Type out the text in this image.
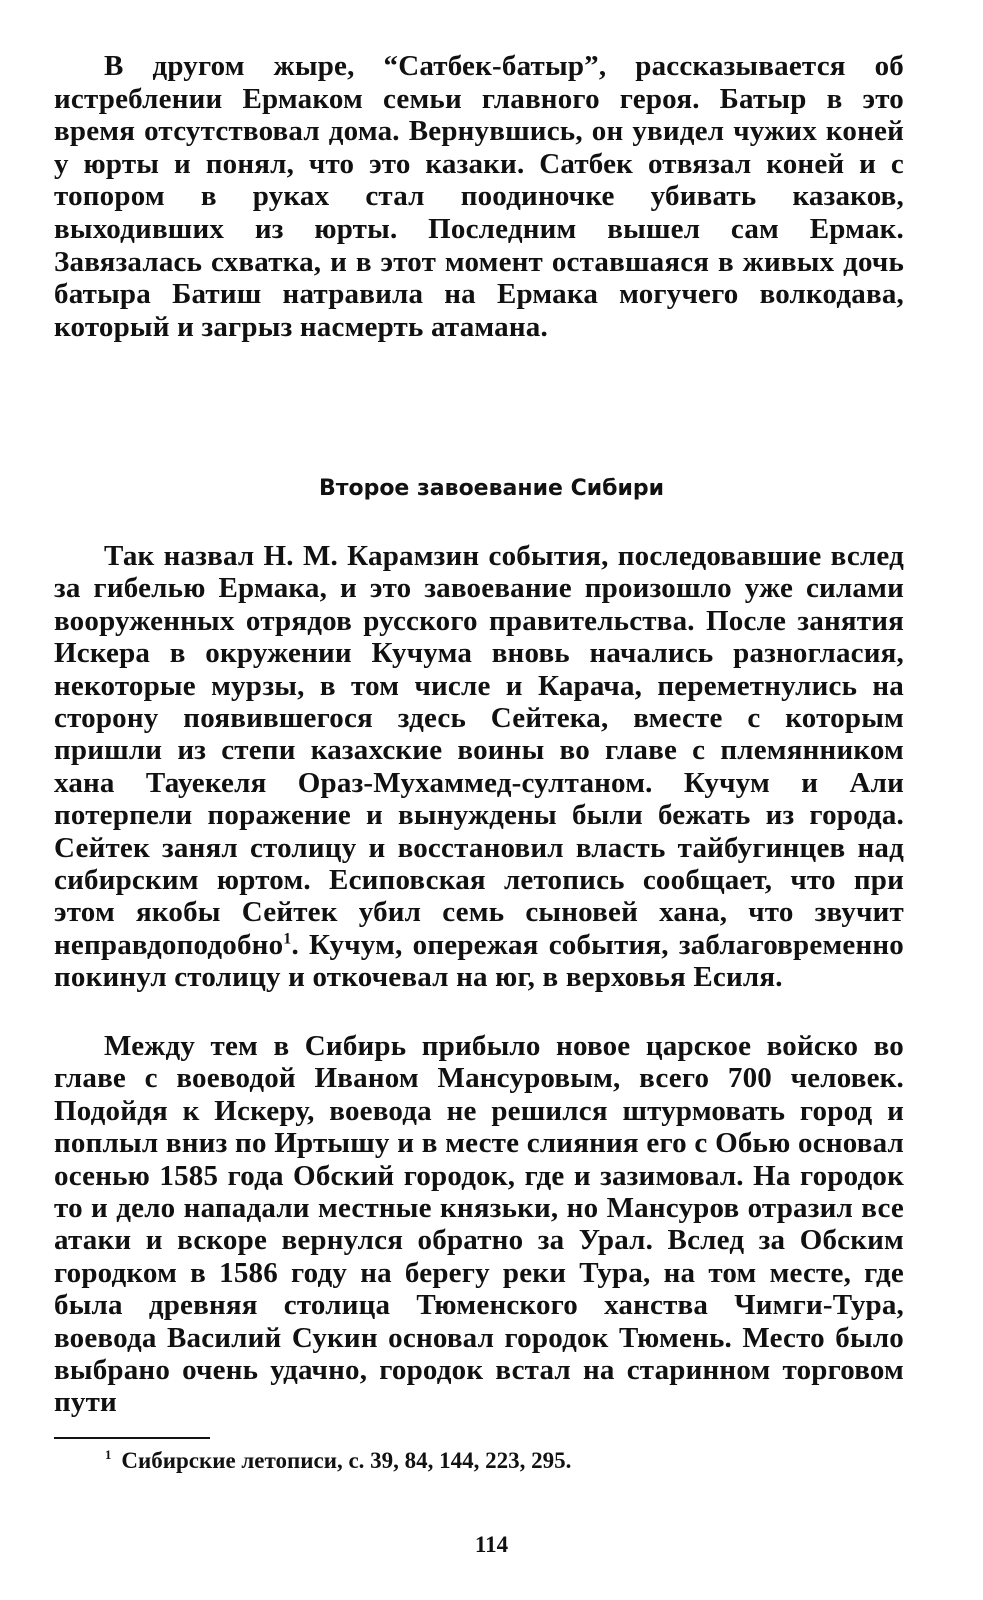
В другом жыре, “Сатбек-батыр”, рассказывается об истреблении Ермаком семьи главного героя. Батыр в это время отсутствовал дома. Вернувшись, он увидел чужих коней у юрты и понял, что это казаки. Сатбек отвязал коней и с топором в руках стал поодиночке убивать казаков, выходивших из юрты. Последним вышел сам Ермак. Завязалась схватка, и в этот момент оставшаяся в живых дочь батыра Батиш натравила на Ермака могучего волкодава, который и загрыз насмерть атамана.

Второе завоевание Сибири

Так назвал Н. М. Карамзин события, последовавшие вслед за гибелью Ермака, и это завоевание произошло уже силами вооруженных отрядов русского правительства. После занятия Искера в окружении Кучума вновь начались разногласия, некоторые мурзы, в том числе и Карача, переметнулись на сторону появившегося здесь Сейтека, вместе с которым пришли из степи казахские воины во главе с племянником хана Тауекеля Ораз-Мухаммед-султаном. Кучум и Али потерпели поражение и вынуждены были бежать из города. Сейтек занял столицу и восстановил власть тайбугинцев над сибирским юртом. Есиповская летопись сообщает, что при этом якобы Сейтек убил семь сыновей хана, что звучит неправдоподобно$^1$. Кучум, опережая события, заблаговременно покинул столицу и откочевал на юг, в верховья Есиля.

Между тем в Сибирь прибыло новое царское войско во главе с воеводой Иваном Мансуровым, всего 700 человек. Подойдя к Искеру, воевода не решился штурмовать город и поплыл вниз по Иртышу и в месте слияния его с Обью основал осенью 1585 года Обский городок, где и зазимовал. На городок то и дело нападали местные князьки, но Мансуров отразил все атаки и вскоре вернулся обратно за Урал. Вслед за Обским городком в 1586 году на берегу реки Тура, на том месте, где была древняя столица Тюменского ханства Чимги-Тура, воевода Василий Сукин основал городок Тюмень. Место было выбрано очень удачно, городок встал на старинном торговом пути

$^1$ Сибирские летописи, с. 39, 84, 144, 223, 295.

114
